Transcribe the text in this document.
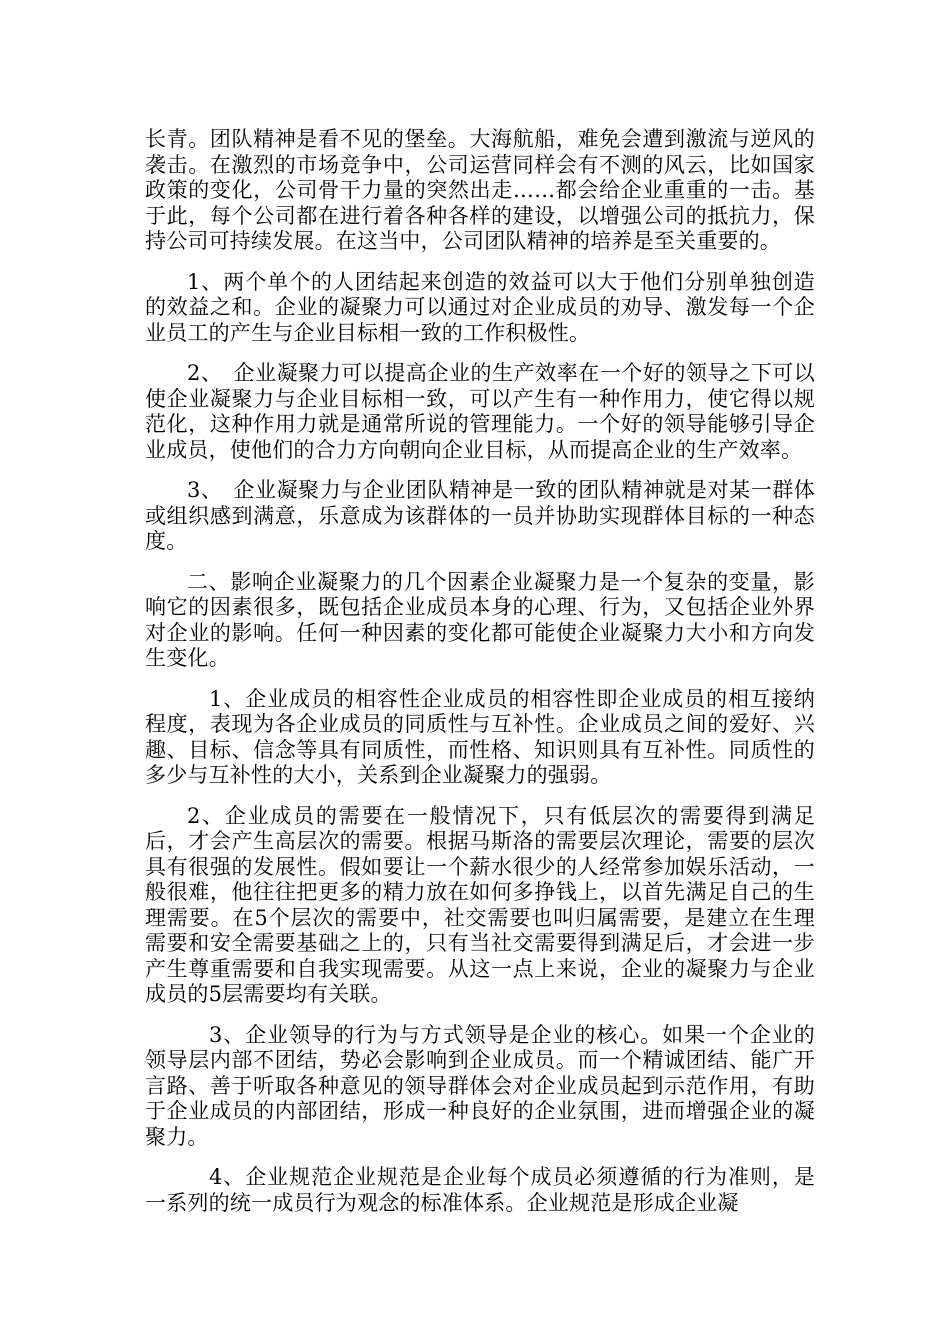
长青。团队精神是看不见的堡垒。大海航船，难免会遭到激流与逆风的袭击。在激烈的市场竞争中，公司运营同样会有不测的风云，比如国家政策的变化，公司骨干力量的突然出走……都会给企业重重的一击。基于此，每个公司都在进行着各种各样的建设，以增强公司的抵抗力，保持公司可持续发展。在这当中，公司团队精神的培养是至关重要的。

1、两个单个的人团结起来创造的效益可以大于他们分别单独创造的效益之和。企业的凝聚力可以通过对企业成员的劝导、激发每一个企业员工的产生与企业目标相一致的工作积极性。

2、　企业凝聚力可以提高企业的生产效率在一个好的领导之下可以使企业凝聚力与企业目标相一致，可以产生有一种作用力，使它得以规范化，这种作用力就是通常所说的管理能力。一个好的领导能够引导企业成员，使他们的合力方向朝向企业目标，从而提高企业的生产效率。

3、　企业凝聚力与企业团队精神是一致的团队精神就是对某一群体或组织感到满意，乐意成为该群体的一员并协助实现群体目标的一种态度。

二、影响企业凝聚力的几个因素企业凝聚力是一个复杂的变量，影响它的因素很多，既包括企业成员本身的心理、行为，又包括企业外界对企业的影响。任何一种因素的变化都可能使企业凝聚力大小和方向发生变化。

1、企业成员的相容性企业成员的相容性即企业成员的相互接纳程度，表现为各企业成员的同质性与互补性。企业成员之间的爱好、兴趣、目标、信念等具有同质性，而性格、知识则具有互补性。同质性的多少与互补性的大小，关系到企业凝聚力的强弱。

2、企业成员的需要在一般情况下，只有低层次的需要得到满足后，才会产生高层次的需要。根据马斯洛的需要层次理论，需要的层次具有很强的发展性。假如要让一个薪水很少的人经常参加娱乐活动，一般很难，他往往把更多的精力放在如何多挣钱上，以首先满足自己的生理需要。在5个层次的需要中，社交需要也叫归属需要，是建立在生理需要和安全需要基础之上的，只有当社交需要得到满足后，才会进一步产生尊重需要和自我实现需要。从这一点上来说，企业的凝聚力与企业成员的5层需要均有关联。

3、企业领导的行为与方式领导是企业的核心。如果一个企业的领导层内部不团结，势必会影响到企业成员。而一个精诚团结、能广开言路、善于听取各种意见的领导群体会对企业成员起到示范作用，有助于企业成员的内部团结，形成一种良好的企业氛围，进而增强企业的凝聚力。

4、企业规范企业规范是企业每个成员必须遵循的行为准则，是一系列的统一成员行为观念的标准体系。企业规范是形成企业凝
